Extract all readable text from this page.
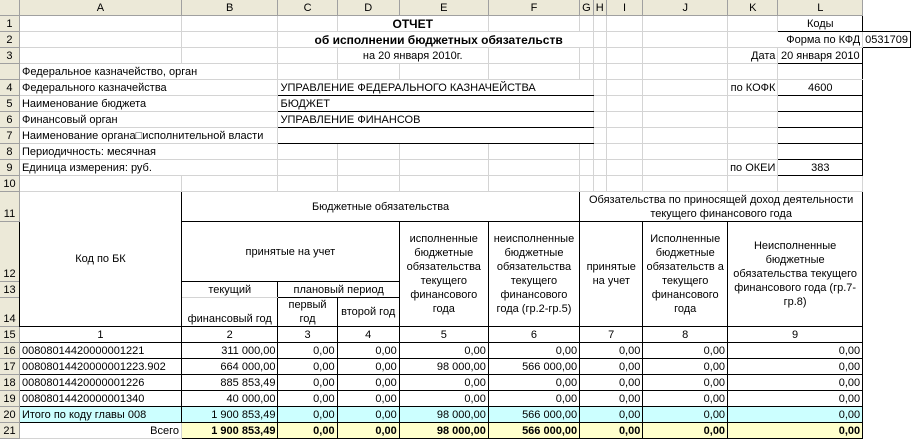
	A	B	C	D	E	F	G	H	I	J	K	L	
1				ОТЧЕТ								Коды	
2			об исполнении бюджетных обязательств								Форма по КФД		0531709
3				на 20 января 2010г.							Дата	20 января 2010	
	Федеральное казначейство, орган												
4	Федерального казначейства		УПРАВЛЕНИЕ ФЕДЕРАЛЬНОГО КАЗНАЧЕЙСТВА								по КОФК	4600	
5	Наименование бюджета		БЮДЖЕТ										
6	Финансовый орган		УПРАВЛЕНИЕ ФИНАНСОВ										
7	Наименование органа□исполнительной власти												
8	Периодичность: месячная												
9	Единица измерения: руб.										по ОКЕИ	383	
10													
11	Код по БК	Бюджетные обязательства					Обязательства по приносящей доход деятельности текущего финансового года						
12		принятые на учет			исполненные бюджетные обязательства текущего финансового года	неисполненные бюджетные обязательства текущего финансового года (гр.2-гр.5)	принятые на учет			Исполненные бюджетные обязательств а текущего финансового года	Неисполненные бюджетные обязательства текущего финансового года (гр.7-гр.8)		
13		текущий	плановый период										
14		финансовый год	первый год	второй год									
15	1	2	3	4	5	6	7			8	9		
16	00808014420000001221	311 000,00	0,00	0,00	0,00	0,00	0,00			0,00	0,00		
17	00808014420000001223.902	664 000,00	0,00	0,00	98 000,00	566 000,00	0,00			0,00	0,00		
18	00808014420000001226	885 853,49	0,00	0,00	0,00	0,00	0,00			0,00	0,00		
19	00808014420000001340	40 000,00	0,00	0,00	0,00	0,00	0,00			0,00	0,00		
20	Итого по коду главы 008	1 900 853,49	0,00	0,00	98 000,00	566 000,00	0,00			0,00	0,00		
21	Всего	1 900 853,49	0,00	0,00	98 000,00	566 000,00	0,00			0,00	0,00		
